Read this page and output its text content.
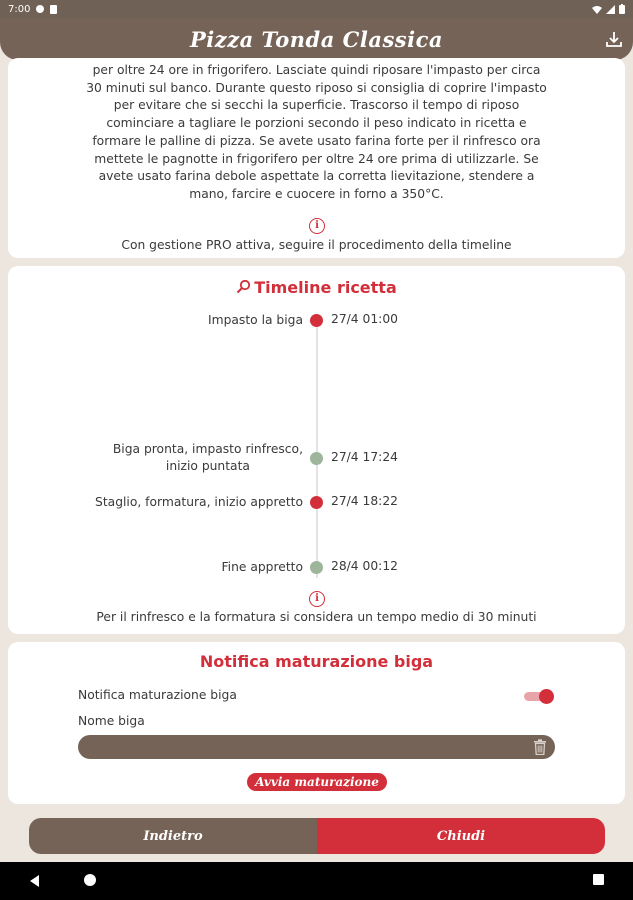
7:00
Pizza Tonda Classica
per oltre 24 ore in frigorifero. Lasciate quindi riposare l'impasto per circa
30 minuti sul banco. Durante questo riposo si consiglia di coprire l'impasto
per evitare che si secchi la superficie. Trascorso il tempo di riposo
cominciare a tagliare le porzioni secondo il peso indicato in ricetta e
formare le palline di pizza. Se avete usato farina forte per il rinfresco ora
mettete le pagnotte in frigorifero per oltre 24 ore prima di utilizzarle. Se
avete usato farina debole aspettate la corretta lievitazione, stendere a
mano, farcire e cuocere in forno a 350°C.
i
Con gestione PRO attiva, seguire il procedimento della timeline
Timeline ricetta
Impasto la biga 27/4 01:00
Biga pronta, impasto rinfresco,
inizio puntata
27/4 17:24
Staglio, formatura, inizio appretto 27/4 18:22
Fine appretto 28/4 00:12
i
Per il rinfresco e la formatura si considera un tempo medio di 30 minuti
Notifica maturazione biga
Notifica maturazione biga
Nome biga
Avvia maturazione
Indietro	Chiudi
